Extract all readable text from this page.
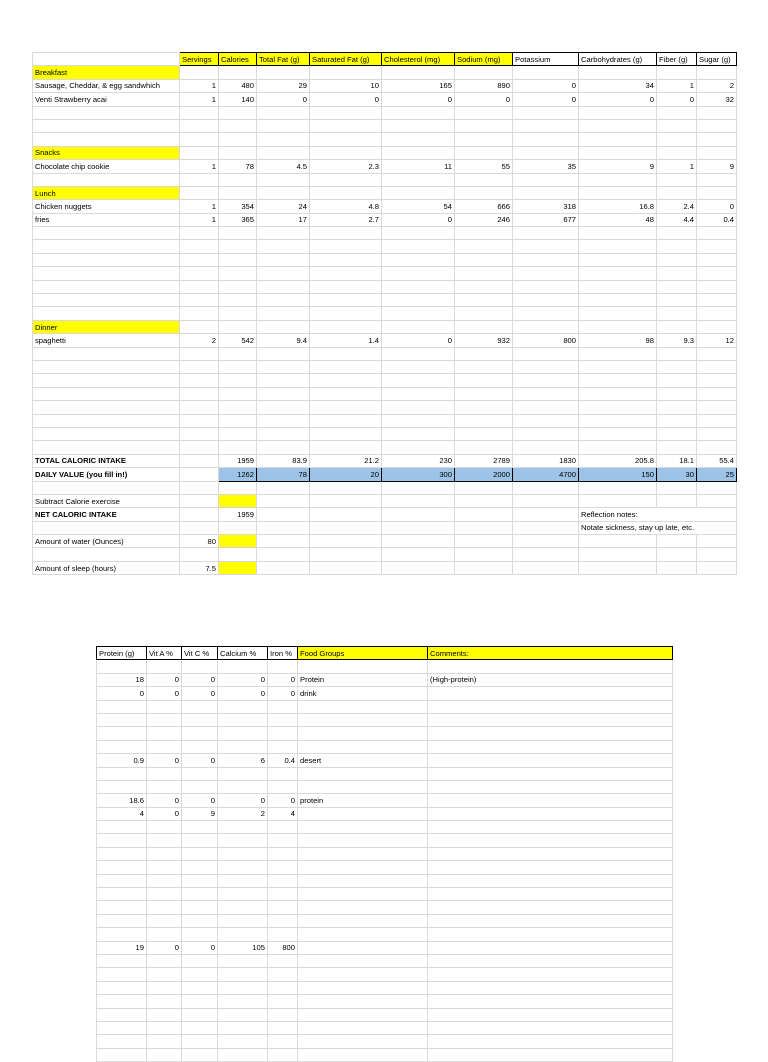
	Servings	Calories	Total Fat (g)	Saturated Fat (g)	Cholesterol (mg)	Sodium (mg)	Potassium	Carbohydrates (g)	Fiber (g)	Sugar (g)
Breakfast										
Sausage, Cheddar, & egg sandwhich	1	480	29	10	165	890	0	34	1	2
Venti Strawberry acai	1	140	0	0	0	0	0	0	0	32

Snacks										
Chocolate chip cookie	1	78	4.5	2.3	11	55	35	9	1	9

Lunch										
Chicken nuggets	1	354	24	4.8	54	666	318	16.8	2.4	0
fries	1	365	17	2.7	0	246	677	48	4.4	0.4

Dinner										
spaghetti	2	542	9.4	1.4	0	932	800	98	9.3	12

TOTAL CALORIC INTAKE		1959	83.9	21.2	230	2789	1830	205.8	18.1	55.4
DAILY VALUE (you fill in!)		1262	78	20	300	2000	4700	150	30	25

Subtract Calorie exercise										
NET CALORIC INTAKE		1959						Reflection notes:		
								Notate sickness, stay up late, etc.		
Amount of water (Ounces)	80									

Amount of sleep (hours)	7.5									
Protein (g)	Vit A %	Vit C %	Calcium %	Iron %	Food Groups	Comments:

18	0	0	0	0	Protein	(High-protein)
0	0	0	0	0	drink	

0.9	0	0	6	0.4	desert	

18.6	0	0	0	0	protein	
4	0	9	2	4		

19	0	0	105	800		
